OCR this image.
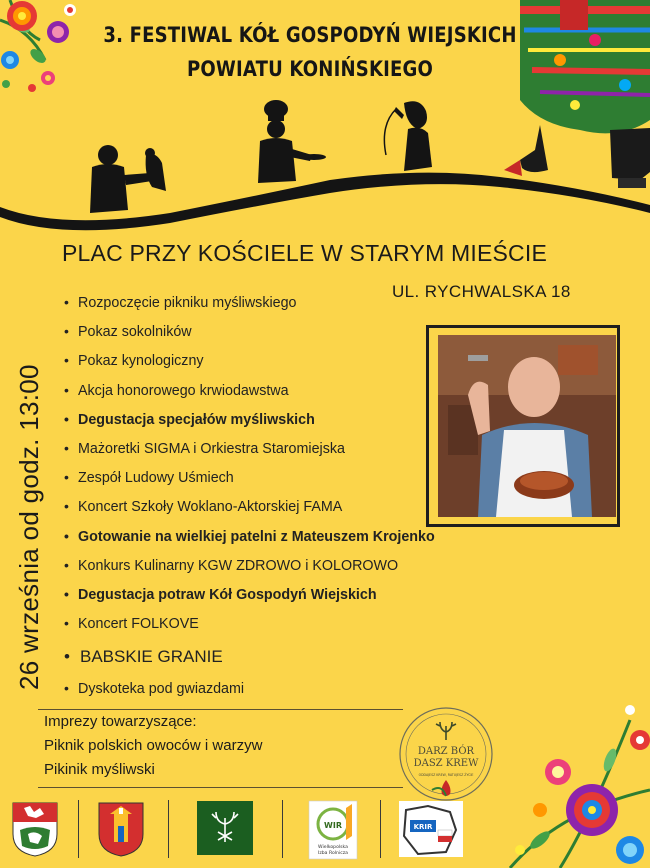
3. FESTIWAL KÓŁ GOSPODYŃ WIEJSKICH
POWIATU KONIŃSKIEGO
PLAC PRZY KOŚCIELE W STARYM MIEŚCIE
UL. RYCHWALSKA 18
26 września od godz. 13:00
• Rozpoczęcie pikniku myśliwskiego
• Pokaz sokolników
• Pokaz kynologiczny
• Akcja honorowego krwiodawstwa
• Degustacja specjałów myśliwskich
• Mażoretki SIGMA i Orkiestra Staromiejska
• Zespół Ludowy Uśmiech
• Koncert Szkoły Woklano-Aktorskiej FAMA
• Gotowanie na wielkiej patelni z Mateuszem Krojenko
• Konkurs Kulinarny KGW ZDROWO i KOLOROWO
• Degustacja potraw Kół Gospodyń Wiejskich
• Koncert FOLKOVE
• BABSKIE GRANIE
• Dyskoteka pod gwiazdami
Imprezy towarzyszące:
Piknik polskich owoców i warzyw
Pikinik myśliwski
DARZ BÓR
DASZ KREW
ODDAJESZ KREW, RATUJESZ ŻYCIE
WIR
Wielkopolska
Izba Rolnicza
KRIR
